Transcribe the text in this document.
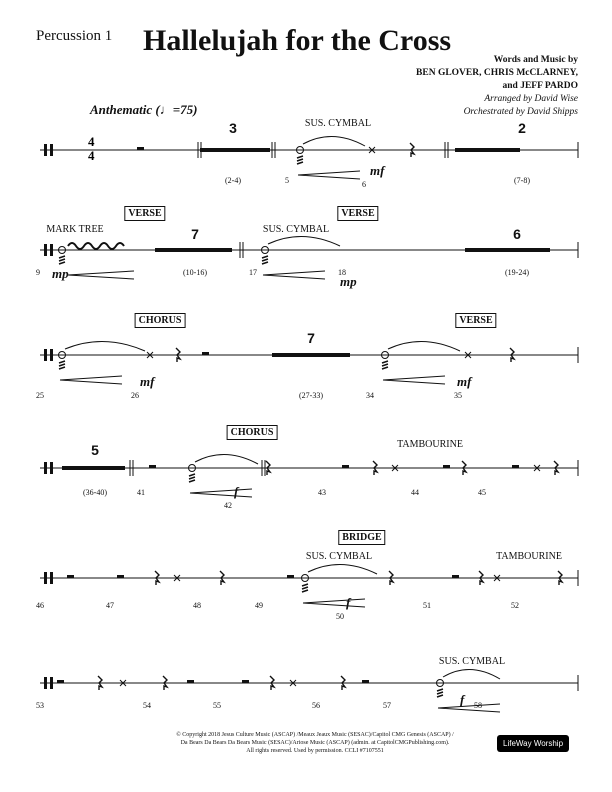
4
4
Percussion 1 Hallelujah for the Cross
Words and Music by
BEN GLOVER, CHRIS McCLARNEY,
and JEFF PARDO
Arranged by David Wise
Orchestrated by David Shipps
Anthematic (♩=75)
3
(2-4)	5
SUS. CYMBAL
mf
6
2
(7-8)
9
MARK TREE
mp
VERSE
7
(10-16)	17
SUS. CYMBAL
VERSE
18
mp
6
(19-24)
CHORUS
25
mf
26
7
(27-33)	34
VERSE
mf
35
5
(36-40)	41
CHORUS
f
42
43
TAMBOURINE
44	45
BRIDGE
46	47	48	49
SUS. CYMBAL
f
50
51
TAMBOURINE
52
53	54	55	56	57
SUS. CYMBAL
f 58
© Copyright 2018 Jesus Culture Music (ASCAP) /Meaux Jeaux Music (SESAC)/Capitol CMG Genesis (ASCAP) /
Da Bears Da Bears Da Bears Music (SESAC)/Ariose Music (ASCAP) (admin. at CapitolCMGPublishing.com).
All rights reserved. Used by permission. CCLI #7107551
LifeWay Worship
